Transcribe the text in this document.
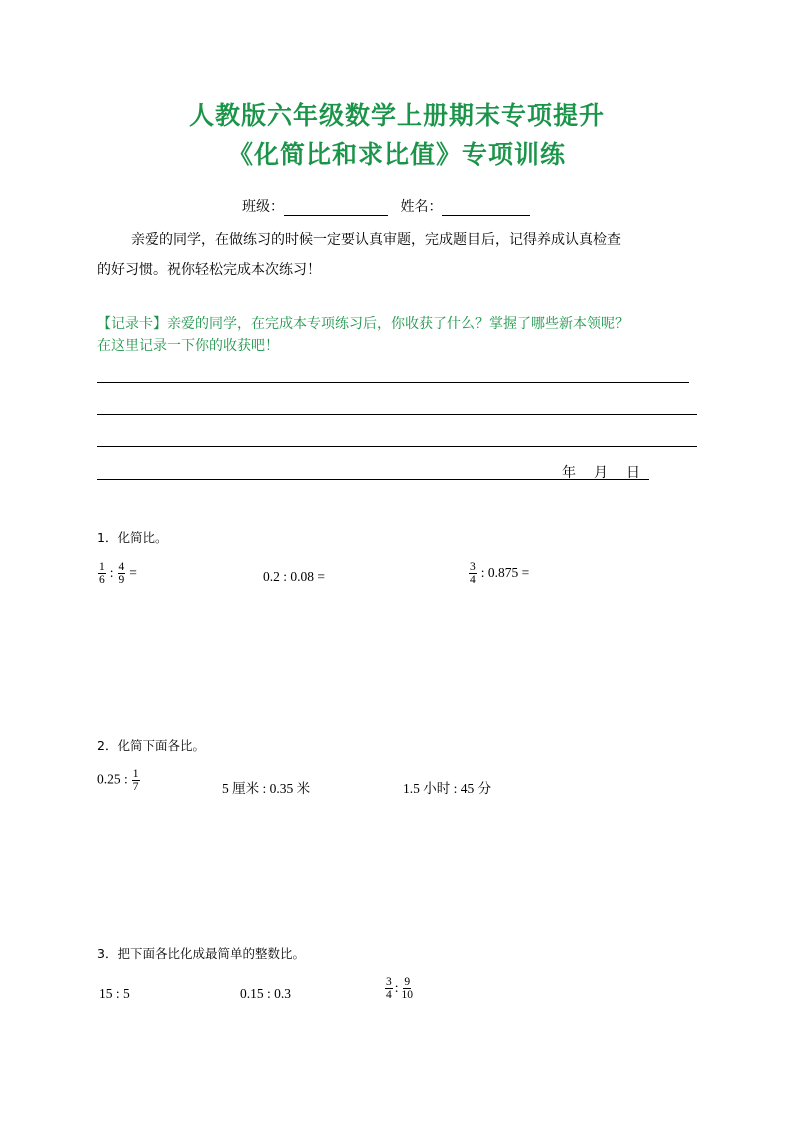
人教版六年级数学上册期末专项提升
《化简比和求比值》专项训练
班级：	姓名：
亲爱的同学，在做练习的时候一定要认真审题，完成题目后，记得养成认真检查
的好习惯。祝你轻松完成本次练习！
【记录卡】亲爱的同学，在完成本专项练习后，你收获了什么？掌握了哪些新本领呢？
在这里记录一下你的收获吧！
年 月 日
1．化简比。
$\frac{1}{6}$ : $\frac{4}{9}$ =	0.2 : 0.08 =	$\frac{3}{4}$ : 0.875 =
2．化简下面各比。
0.25 : $\frac{1}{7}$	5 厘米 : 0.35 米	1.5 小时 : 45 分
3．把下面各比化成最简单的整数比。
15 : 5	0.15 : 0.3	$\frac{3}{4}$ : $\frac{9}{10}$
